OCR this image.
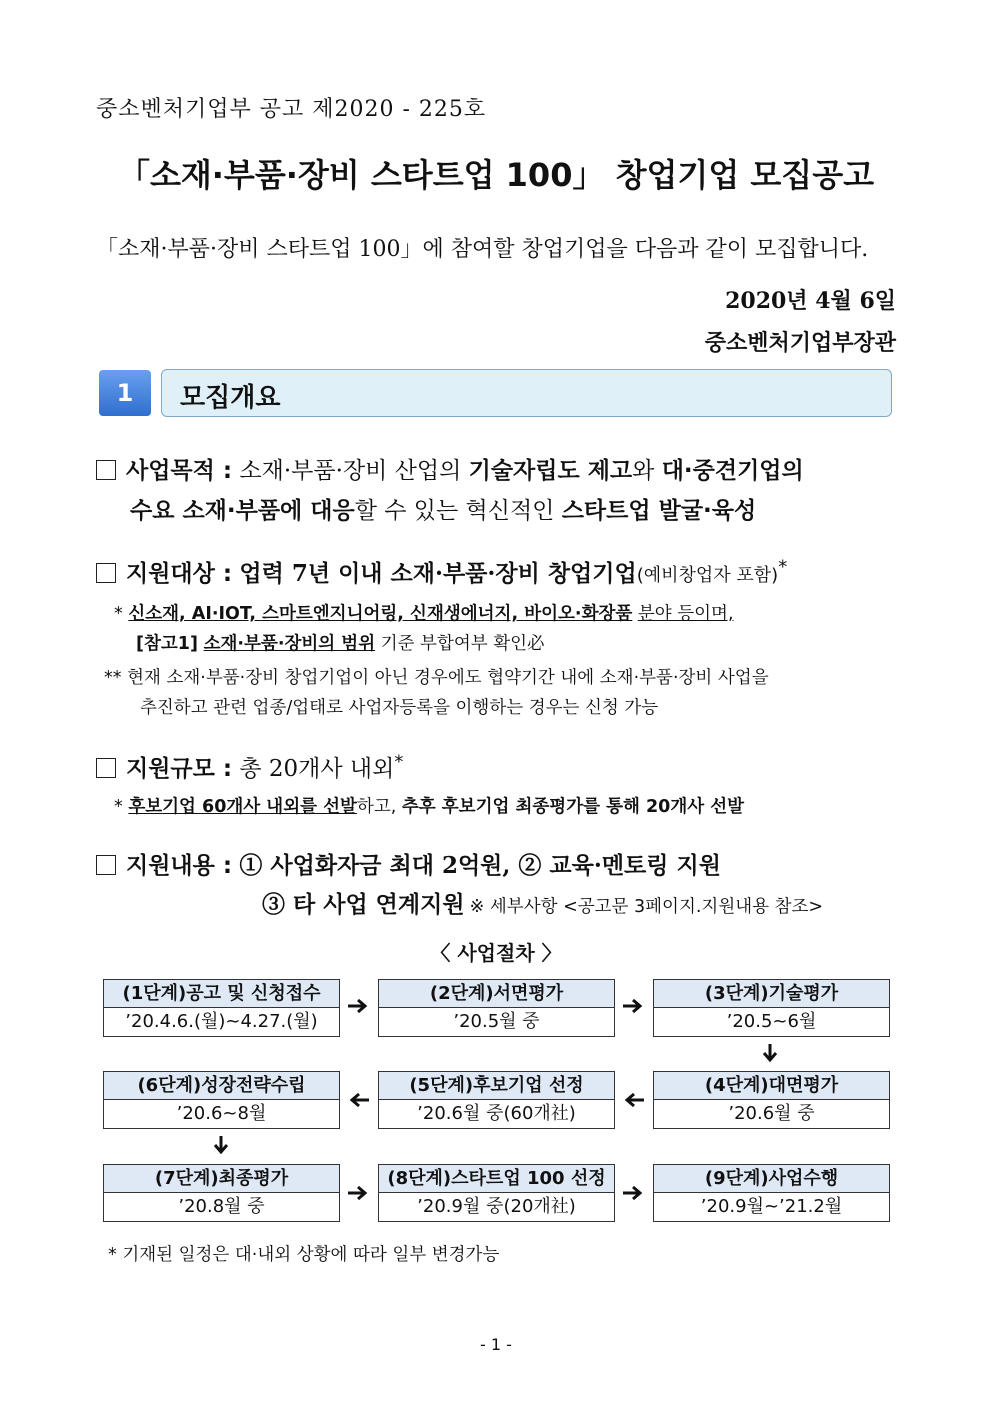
중소벤처기업부 공고 제2020 - 225호
「소재·부품·장비 스타트업 100」 창업기업 모집공고
「소재·부품·장비 스타트업 100」에 참여할 창업기업을 다음과 같이 모집합니다.
2020년 4월 6일
중소벤처기업부장관
1	모집개요
사업목적 : 소재·부품·장비 산업의 기술자립도 제고와 대·중견기업의
수요 소재·부품에 대응할 수 있는 혁신적인 스타트업 발굴·육성
지원대상 : 업력 7년 이내 소재·부품·장비 창업기업(예비창업자 포함)*
* 신소재, AI·IOT, 스마트엔지니어링, 신재생에너지, 바이오·화장품 분야 등이며,
[참고1] 소재·부품·장비의 범위 기준 부합여부 확인必
** 현재 소재·부품·장비 창업기업이 아닌 경우에도 협약기간 내에 소재·부품·장비 사업을
추진하고 관련 업종/업태로 사업자등록을 이행하는 경우는 신청 가능
지원규모 : 총 20개사 내외*
* 후보기업 60개사 내외를 선발하고, 추후 후보기업 최종평가를 통해 20개사 선발
지원내용 : ① 사업화자금 최대 2억원, ② 교육·멘토링 지원
③ 타 사업 연계지원 ※ 세부사항 <공고문 3페이지.지원내용 참조>
〈 사업절차 〉
(1단계)공고 및 신청접수
’20.4.6.(월)~4.27.(월)
(2단계)서면평가
’20.5월 중
(3단계)기술평가
’20.5~6월
(4단계)대면평가
’20.6월 중
(5단계)후보기업 선정
’20.6월 중(60개社)
(6단계)성장전략수립
’20.6~8월
(7단계)최종평가
’20.8월 중
(8단계)스타트업 100 선정
’20.9월 중(20개社)
(9단계)사업수행
’20.9월~’21.2월
* 기재된 일정은 대·내외 상황에 따라 일부 변경가능
- 1 -
